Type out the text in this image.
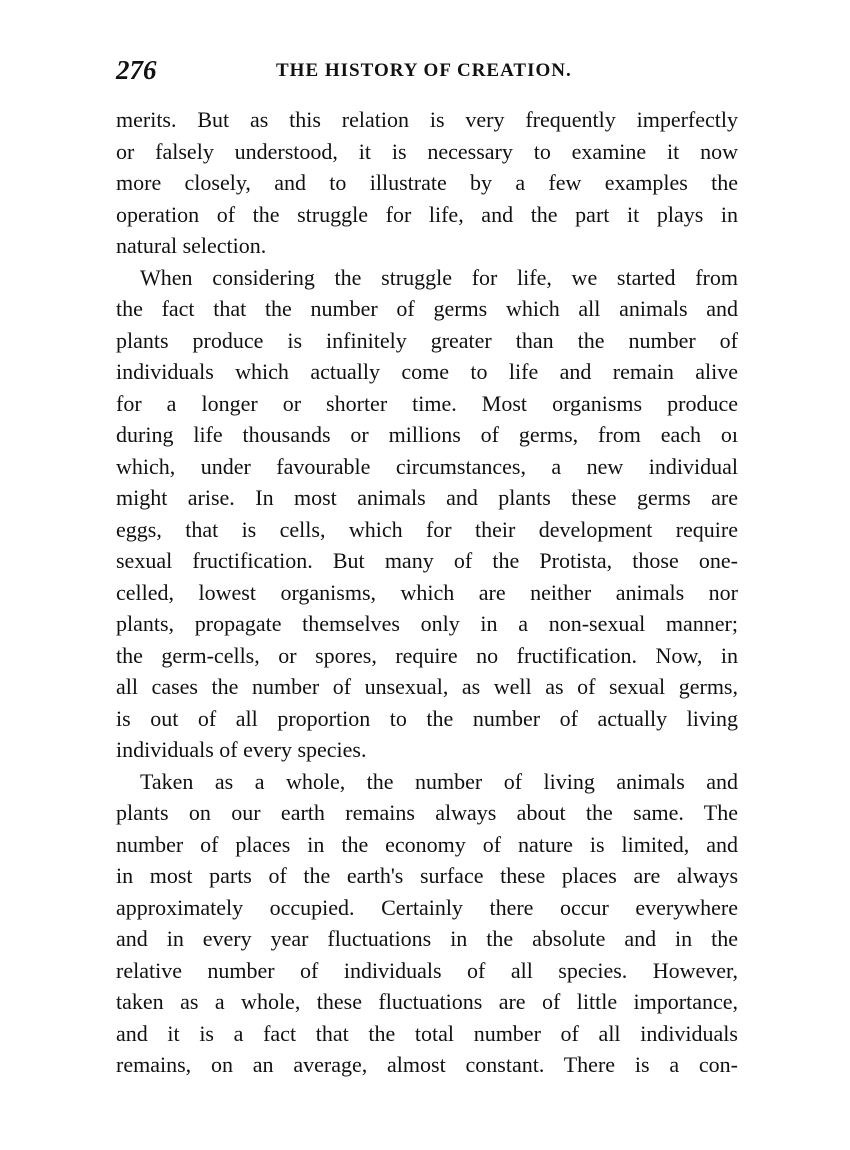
276	THE HISTORY OF CREATION.
merits. But as this relation is very frequently imperfectly
or falsely understood, it is necessary to examine it now
more closely, and to illustrate by a few examples the
operation of the struggle for life, and the part it plays in
natural selection.
When considering the struggle for life, we started from
the fact that the number of germs which all animals and
plants produce is infinitely greater than the number of
individuals which actually come to life and remain alive
for a longer or shorter time. Most organisms produce
during life thousands or millions of germs, from each oı
which, under favourable circumstances, a new individual
might arise. In most animals and plants these germs are
eggs, that is cells, which for their development require
sexual fructification. But many of the Protista, those one-
celled, lowest organisms, which are neither animals nor
plants, propagate themselves only in a non-sexual manner;
the germ-cells, or spores, require no fructification. Now, in
all cases the number of unsexual, as well as of sexual germs,
is out of all proportion to the number of actually living
individuals of every species.
Taken as a whole, the number of living animals and
plants on our earth remains always about the same. The
number of places in the economy of nature is limited, and
in most parts of the earth's surface these places are always
approximately occupied. Certainly there occur everywhere
and in every year fluctuations in the absolute and in the
relative number of individuals of all species. However,
taken as a whole, these fluctuations are of little importance,
and it is a fact that the total number of all individuals
remains, on an average, almost constant. There is a con-
